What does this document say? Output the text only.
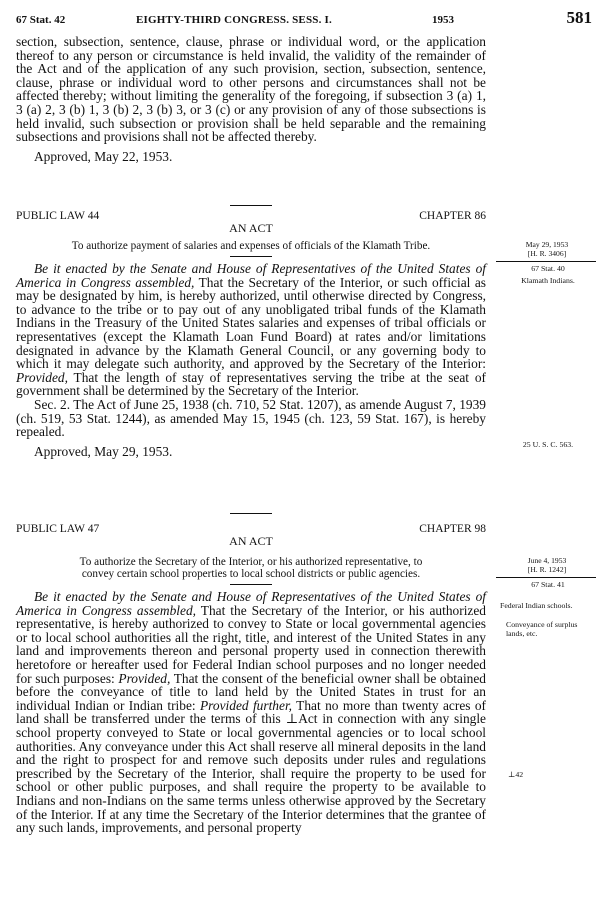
67 Stat. 42	EIGHTY-THIRD CONGRESS. SESS. I.	1953	581

section, subsection, sentence, clause, phrase or individual word, or the application thereof to any person or circumstance is held invalid, the validity of the remainder of the Act and of the application of any such provision, section, subsection, sentence, clause, phrase or individual word to other persons and circumstances shall not be affected thereby; without limiting the generality of the foregoing, if subsection 3 (a) 1, 3 (a) 2, 3 (b) 1, 3 (b) 2, 3 (b) 3, or 3 (c) or any provision of any of those subsections is held invalid, such subsection or provision shall be held separable and the remaining subsections and provisions shall not be affected thereby.

Approved, May 22, 1953.

PUBLIC LAW 44	CHAPTER 86
AN ACT
To authorize payment of salaries and expenses of officials of the Klamath Tribe.	May 29, 1953
[H. R. 3406]
67 Stat. 40
Klamath Indians.
25 U. S. C. 563.

Be it enacted by the Senate and House of Representatives of the United States of America in Congress assembled, That the Secretary of the Interior, or such official as may be designated by him, is hereby authorized, until otherwise directed by Congress, to advance to the tribe or to pay out of any unobligated tribal funds of the Klamath Indians in the Treasury of the United States salaries and expenses of tribal officials or representatives (except the Klamath Loan Fund Board) at rates and/or limitations designated in advance by the Klamath General Council, or any governing body to which it may delegate such authority, and approved by the Secretary of the Interior: Provided, That the length of stay of representatives serving the tribe at the seat of government shall be determined by the Secretary of the Interior.

Sec. 2. The Act of June 25, 1938 (ch. 710, 52 Stat. 1207), as amende August 7, 1939 (ch. 519, 53 Stat. 1244), as amended May 15, 1945 (ch. 123, 59 Stat. 167), is hereby repealed.

Approved, May 29, 1953.

PUBLIC LAW 47	CHAPTER 98
AN ACT
To authorize the Secretary of the Interior, or his authorized representative, to
convey certain school properties to local school districts or public agencies.
June 4, 1953
[H. R. 1242]
67 Stat. 41
Federal Indian schools.
Conveyance of surplus lands, etc.
⊥42

Be it enacted by the Senate and House of Representatives of the United States of America in Congress assembled, That the Secretary of the Interior, or his authorized representative, is hereby authorized to convey to State or local governmental agencies or to local school authorities all the right, title, and interest of the United States in any land and improvements thereon and personal property used in connection therewith heretofore or hereafter used for Federal Indian school purposes and no longer needed for such purposes: Provided, That the consent of the beneficial owner shall be obtained before the conveyance of title to land held by the United States in trust for an individual Indian or Indian tribe: Provided further, That no more than twenty acres of land shall be transferred under the terms of this ⊥Act in connection with any single school property conveyed to State or local governmental agencies or to local school authorities. Any conveyance under this Act shall reserve all mineral deposits in the land and the right to prospect for and remove such deposits under rules and regulations prescribed by the Secretary of the Interior, shall require the property to be used for school or other public purposes, and shall require the property to be available to Indians and non-Indians on the same terms unless otherwise approved by the Secretary of the Interior. If at any time the Secretary of the Interior determines that the grantee of any such lands, improvements, and personal property
